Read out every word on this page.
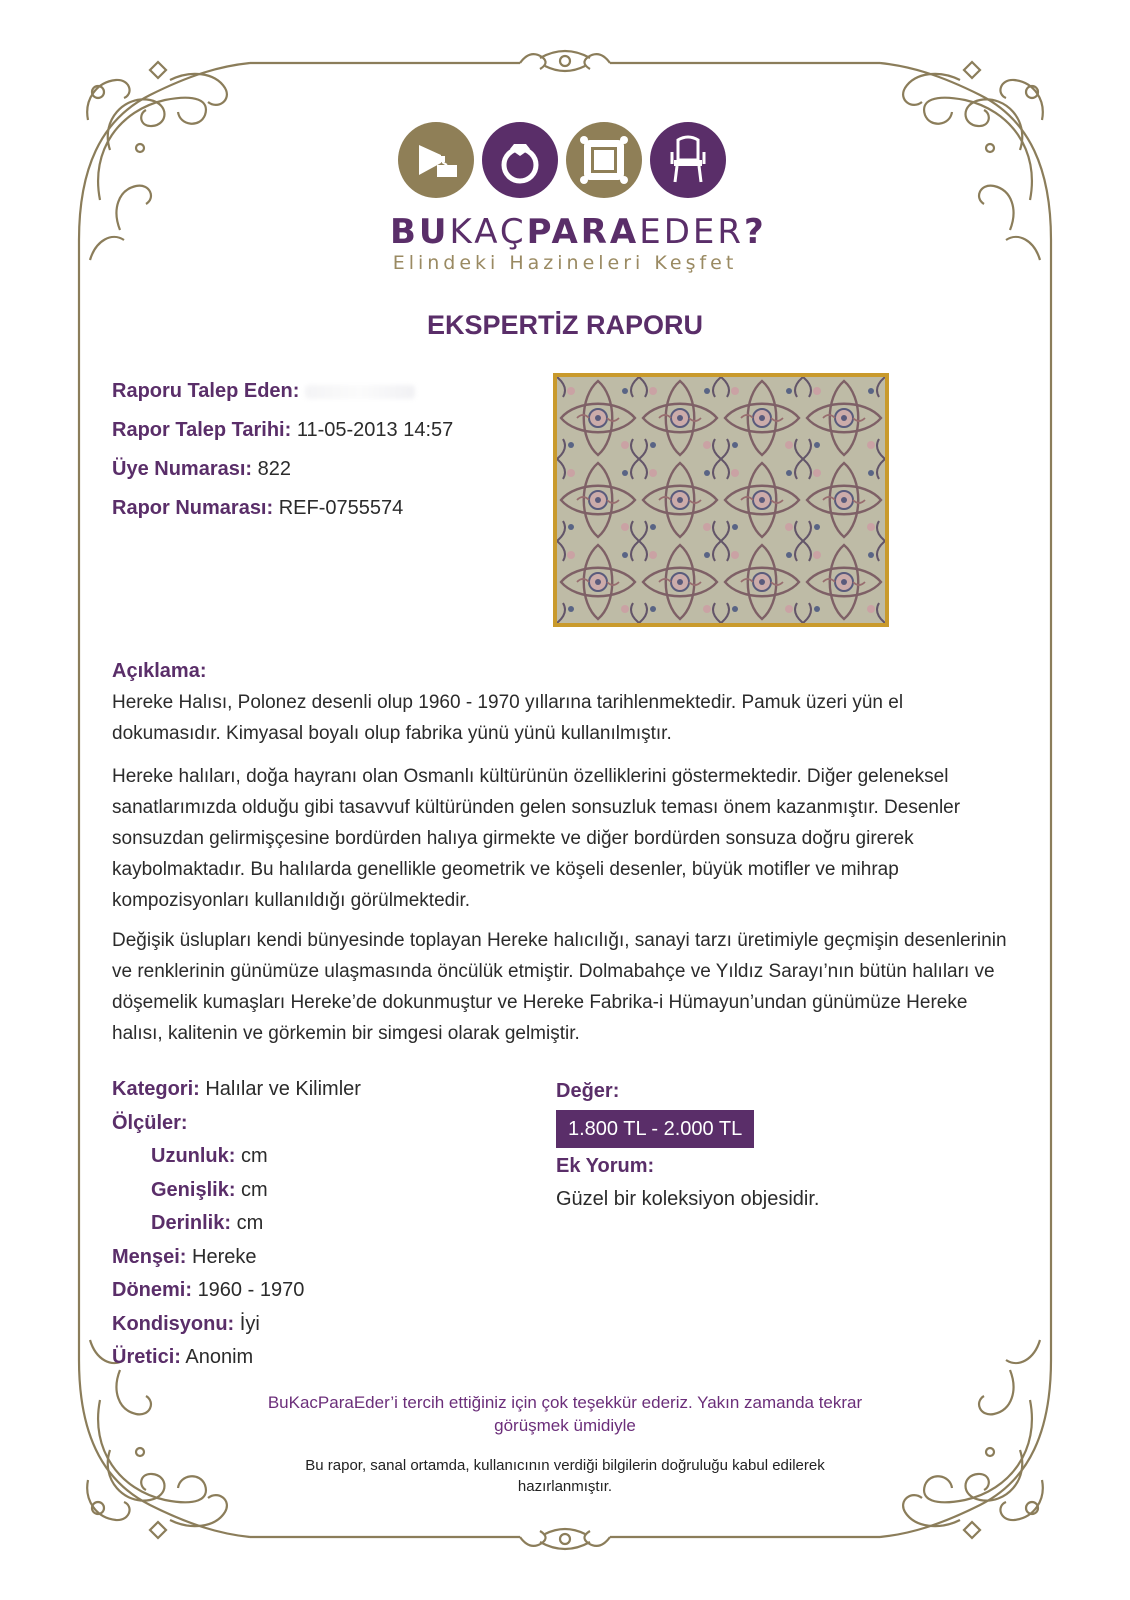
BUKAÇPARAEDER?
Elindeki Hazineleri Keşfet
EKSPERTİZ RAPORU
Raporu Talep Eden:
Rapor Talep Tarihi: 11-05-2013 14:57
Üye Numarası: 822
Rapor Numarası: REF-0755574
Açıklama:

Hereke Halısı, Polonez desenli olup 1960 - 1970 yıllarına tarihlenmektedir. Pamuk üzeri yün el dokumasıdır. Kimyasal boyalı olup fabrika yünü yünü kullanılmıştır.

Hereke halıları, doğa hayranı olan Osmanlı kültürünün özelliklerini göstermektedir. Diğer geleneksel sanatlarımızda olduğu gibi tasavvuf kültüründen gelen sonsuzluk teması önem kazanmıştır. Desenler sonsuzdan gelirmişçesine bordürden halıya girmekte ve diğer bordürden sonsuza doğru girerek kaybolmaktadır. Bu halılarda genellikle geometrik ve köşeli desenler, büyük motifler ve mihrap kompozisyonları kullanıldığı görülmektedir.

Değişik üslupları kendi bünyesinde toplayan Hereke halıcılığı, sanayi tarzı üretimiyle geçmişin desenlerinin ve renklerinin günümüze ulaşmasında öncülük etmiştir. Dolmabahçe ve Yıldız Sarayı’nın bütün halıları ve döşemelik kumaşları Hereke’de dokunmuştur ve Hereke Fabrika-i Hümayun’undan günümüze Hereke halısı, kalitenin ve görkemin bir simgesi olarak gelmiştir.

Kategori: Halılar ve Kilimler
Ölçüler:
Uzunluk: cm
Genişlik: cm
Derinlik: cm
Menşei: Hereke
Dönemi: 1960 - 1970
Kondisyonu: İyi
Üretici: Anonim
Değer:
1.800 TL - 2.000 TL
Ek Yorum:
Güzel bir koleksiyon objesidir.
BuKacParaEder’i tercih ettiğiniz için çok teşekkür ederiz. Yakın zamanda tekrar görüşmek ümidiyle
Bu rapor, sanal ortamda, kullanıcının verdiği bilgilerin doğruluğu kabul edilerek hazırlanmıştır.
